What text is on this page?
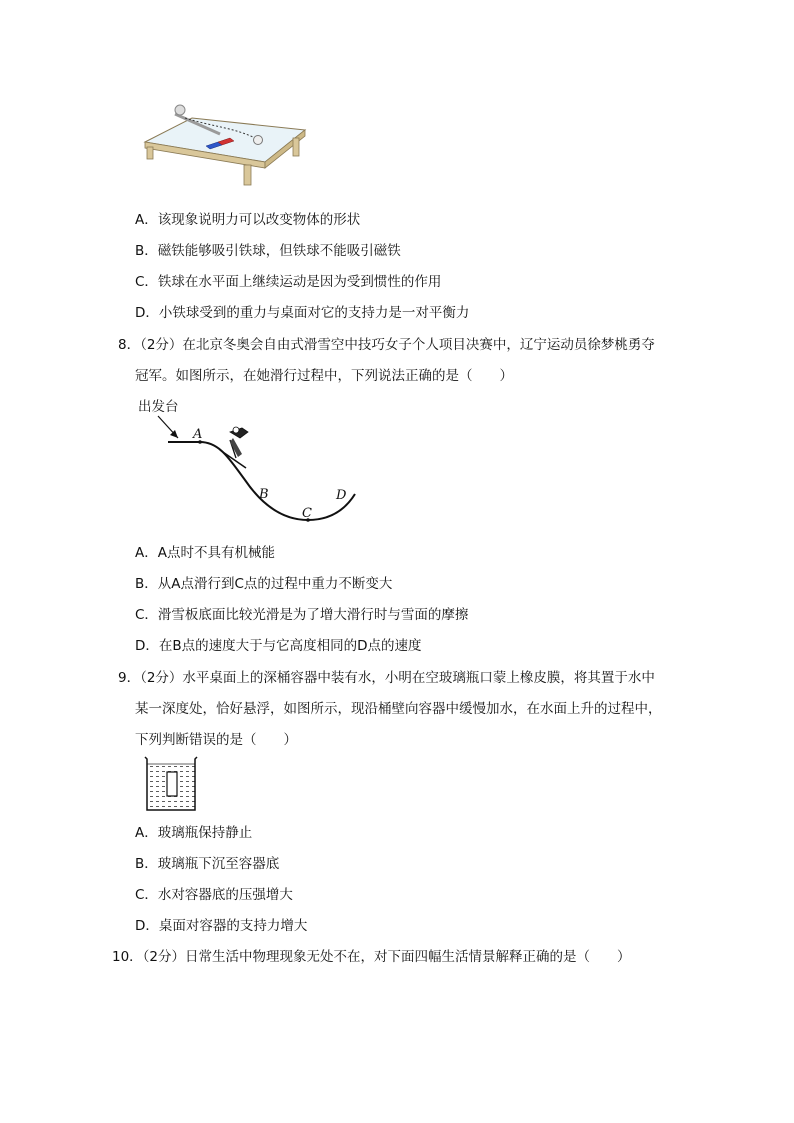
A．该现象说明力可以改变物体的形状
B．磁铁能够吸引铁球，但铁球不能吸引磁铁
C．铁球在水平面上继续运动是因为受到惯性的作用
D．小铁球受到的重力与桌面对它的支持力是一对平衡力
8．（2分）在北京冬奥会自由式滑雪空中技巧女子个人项目决赛中，辽宁运动员徐梦桃勇夺
冠军。如图所示，在她滑行过程中，下列说法正确的是（　　）
出发台
A
B
C
D
A．A点时不具有机械能
B．从A点滑行到C点的过程中重力不断变大
C．滑雪板底面比较光滑是为了增大滑行时与雪面的摩擦
D．在B点的速度大于与它高度相同的D点的速度
9．（2分）水平桌面上的深桶容器中装有水，小明在空玻璃瓶口蒙上橡皮膜，将其置于水中
某一深度处，恰好悬浮，如图所示，现沿桶壁向容器中缓慢加水，在水面上升的过程中，
下列判断错误的是（　　）
A．玻璃瓶保持静止
B．玻璃瓶下沉至容器底
C．水对容器底的压强增大
D．桌面对容器的支持力增大
10．（2分）日常生活中物理现象无处不在，对下面四幅生活情景解释正确的是（　　）
